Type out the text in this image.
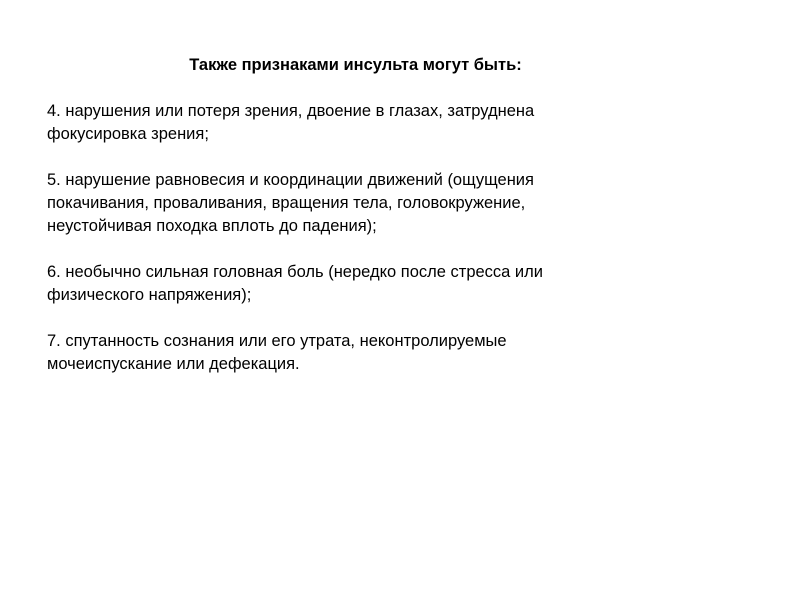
Также признаками инсульта могут быть:
4. нарушения или потеря зрения, двоение в глазах, затруднена
фокусировка зрения;
5. нарушение равновесия и координации движений (ощущения
покачивания, проваливания, вращения тела, головокружение,
неустойчивая походка вплоть до падения);
6. необычно сильная головная боль (нередко после стресса или
физического напряжения);
7. спутанность сознания или его утрата, неконтролируемые
мочеиспускание или дефекация.
